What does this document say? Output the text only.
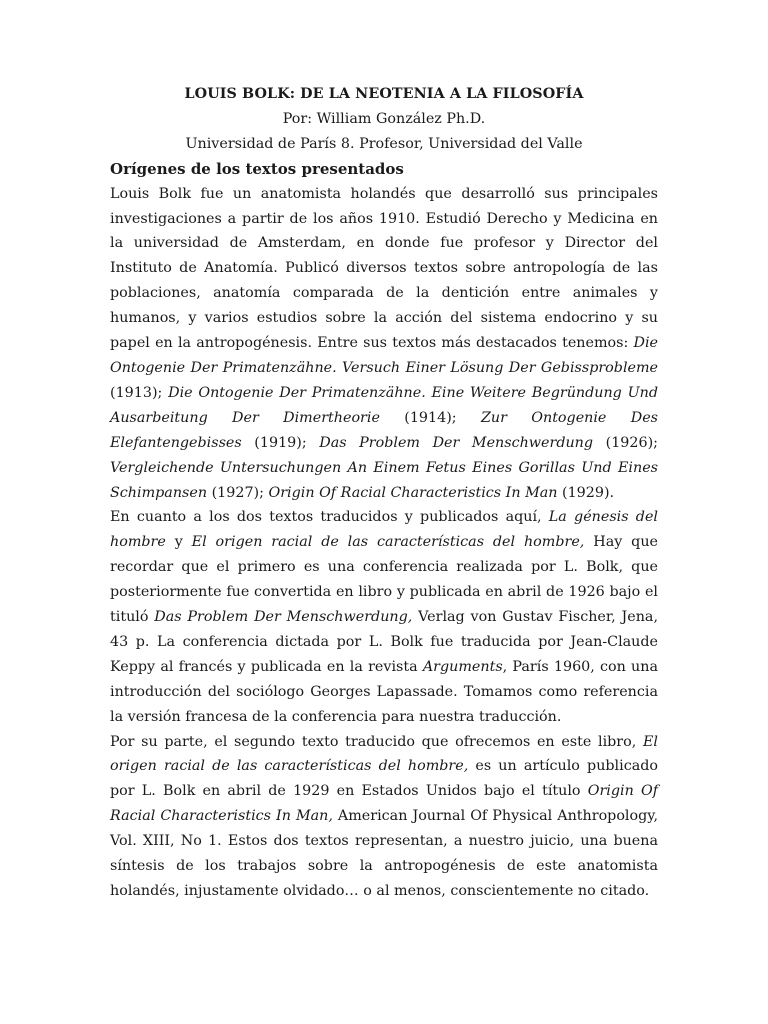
LOUIS BOLK: DE LA NEOTENIA A LA FILOSOFÍA

Por: William González Ph.D.

Universidad de París 8. Profesor, Universidad del Valle

Orígenes de los textos presentados

Louis Bolk fue un anatomista holandés que desarrolló sus principales investigaciones a partir de los años 1910. Estudió Derecho y Medicina en la universidad de Amsterdam, en donde fue profesor y Director del Instituto de Anatomía. Publicó diversos textos sobre antropología de las poblaciones, anatomía comparada de la dentición entre animales y humanos, y varios estudios sobre la acción del sistema endocrino y su papel en la antropogénesis. Entre sus textos más destacados tenemos: Die Ontogenie Der Primatenzähne. Versuch Einer Lösung Der Gebissprobleme (1913); Die Ontogenie Der Primatenzähne. Eine Weitere Begründung Und Ausarbeitung Der Dimertheorie (1914); Zur Ontogenie Des Elefantengebisses (1919); Das Problem Der Menschwerdung (1926); Vergleichende Untersuchungen An Einem Fetus Eines Gorillas Und Eines Schimpansen (1927); Origin Of Racial Characteristics In Man (1929).

En cuanto a los dos textos traducidos y publicados aquí, La génesis del hombre y El origen racial de las características del hombre, Hay que recordar que el primero es una conferencia realizada por L. Bolk, que posteriormente fue convertida en libro y publicada en abril de 1926 bajo el tituló Das Problem Der Menschwerdung, Verlag von Gustav Fischer, Jena, 43 p. La conferencia dictada por L. Bolk fue traducida por Jean-Claude Keppy al francés y publicada en la revista Arguments, París 1960, con una introducción del sociólogo Georges Lapassade. Tomamos como referencia la versión francesa de la conferencia para nuestra traducción.

Por su parte, el segundo texto traducido que ofrecemos en este libro, El origen racial de las características del hombre, es un artículo publicado por L. Bolk en abril de 1929 en Estados Unidos bajo el título Origin Of Racial Characteristics In Man, American Journal Of Physical Anthropology, Vol. XIII, No 1. Estos dos textos representan, a nuestro juicio, una buena síntesis de los trabajos sobre la antropogénesis de este anatomista holandés, injustamente olvidado… o al menos, conscientemente no citado.
